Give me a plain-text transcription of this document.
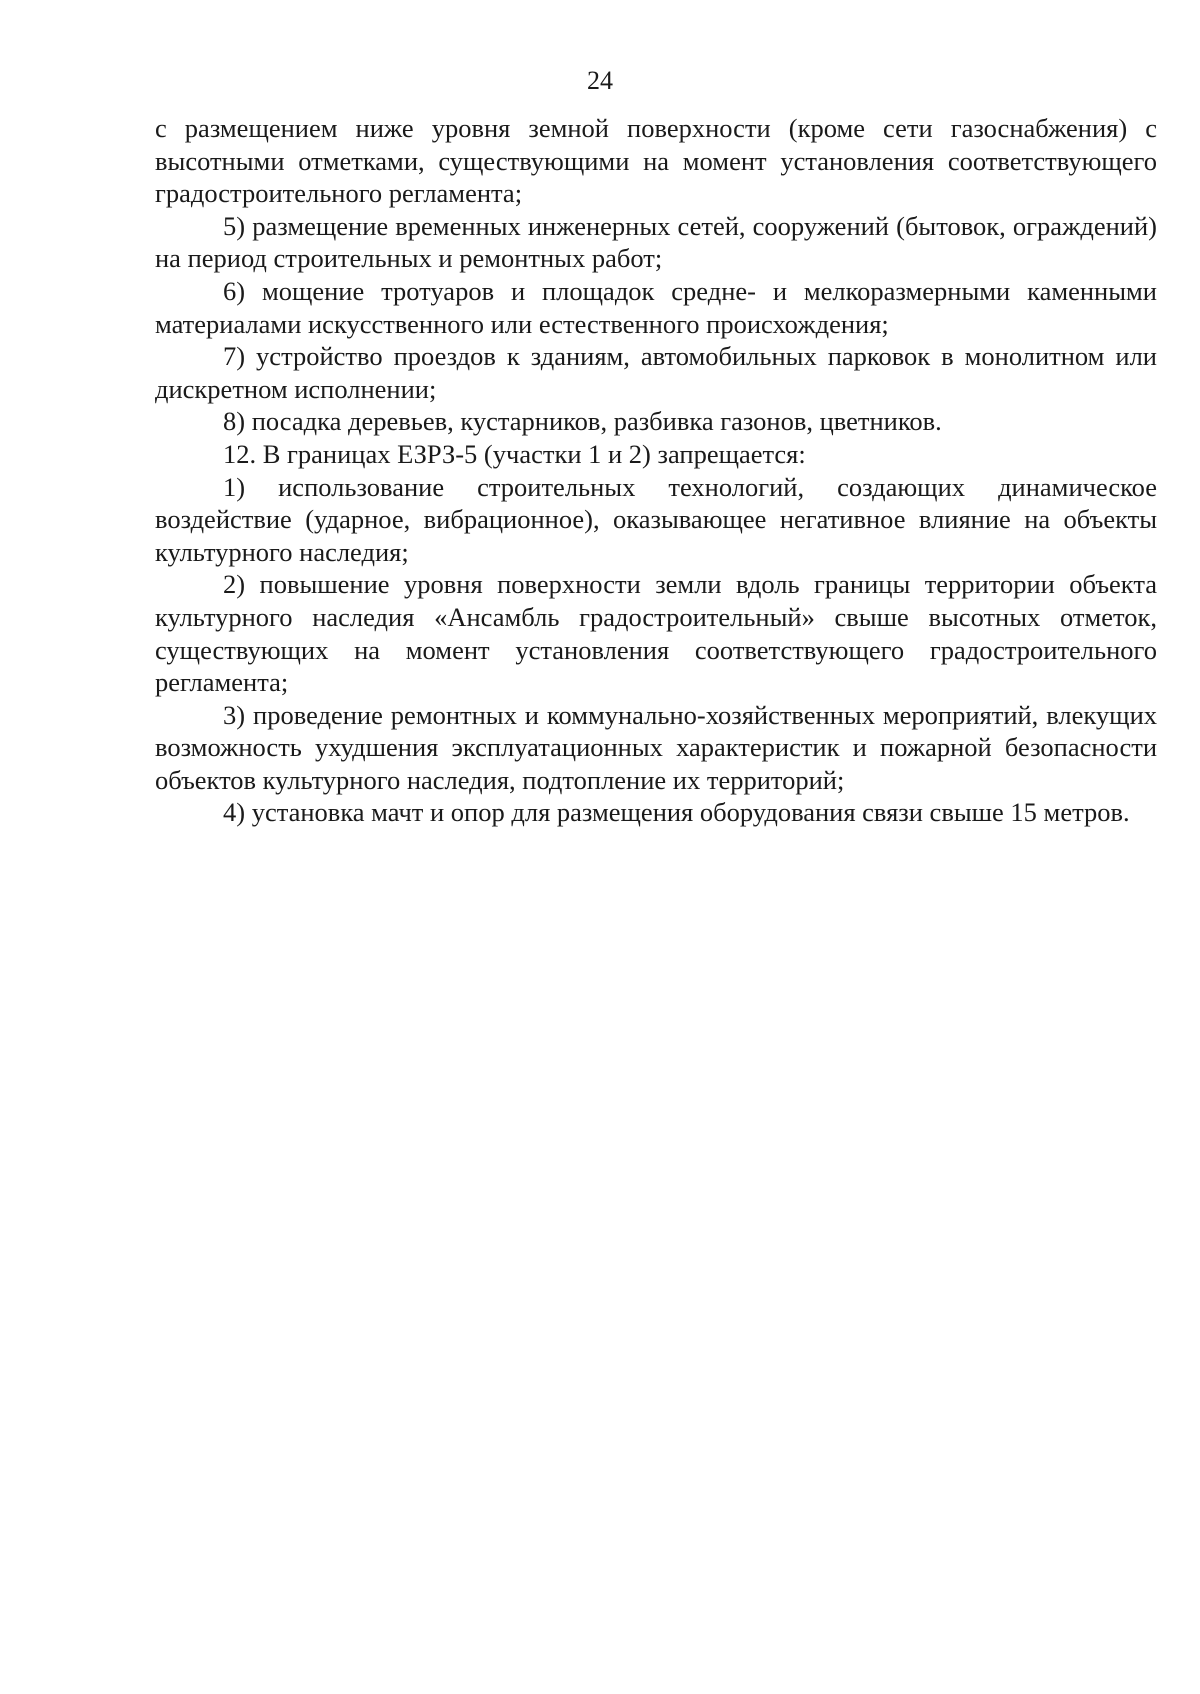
24

с размещением ниже уровня земной поверхности (кроме сети газоснабжения) с высотными отметками, существующими на момент установления соответствующего градостроительного регламента;

5) размещение временных инженерных сетей, сооружений (бытовок, ограждений) на период строительных и ремонтных работ;

6) мощение тротуаров и площадок средне- и мелкоразмерными каменными материалами искусственного или естественного происхождения;

7) устройство проездов к зданиям, автомобильных парковок в монолитном или дискретном исполнении;

8) посадка деревьев, кустарников, разбивка газонов, цветников.

12. В границах ЕЗРЗ-5 (участки 1 и 2) запрещается:

1) использование строительных технологий, создающих динамическое воздействие (ударное, вибрационное), оказывающее негативное влияние на объекты культурного наследия;

2) повышение уровня поверхности земли вдоль границы территории объекта культурного наследия «Ансамбль градостроительный» свыше высотных отметок, существующих на момент установления соответствующего градостроительного регламента;

3) проведение ремонтных и коммунально-хозяйственных мероприятий, влекущих возможность ухудшения эксплуатационных характеристик и пожарной безопасности объектов культурного наследия, подтопление их территорий;

4) установка мачт и опор для размещения оборудования связи свыше 15 метров.
